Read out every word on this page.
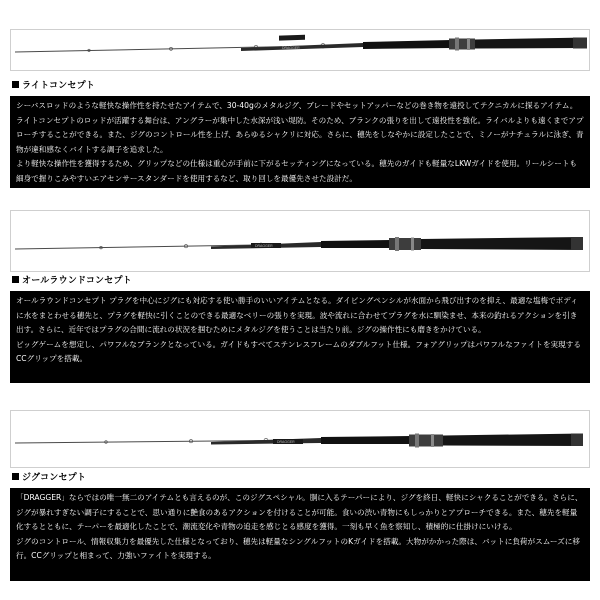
DRAGGER
ライトコンセプト

シーバスロッドのような軽快な操作性を持たせたアイテムで、30-40gのメタルジグ、ブレードやセットアッパーなどの巻き物を遠投してテクニカルに探るアイテム。ライトコンセプトのロッドが活躍する舞台は、アングラーが集中した水深が浅い堤防。そのため、ブランクの張りを出して遠投性を強化。ライバルよりも遠くまでアプローチすることができる。また、ジグのコントロール性を上げ、あらゆるシャクリに対応。さらに、穂先をしなやかに設定したことで、ミノーがナチュラルに泳ぎ、青物が違和感なくバイトする調子を追求した。

より軽快な操作性を獲得するため、グリップなどの仕様は重心が手前に下がるセッティングになっている。穂先のガイドも軽量なLKWガイドを使用。リールシートも細身で握りこみやすいエアセンサースタンダードを使用するなど、取り回しを最優先させた設計だ。

DRAGGER
オールラウンドコンセプト

オールラウンドコンセプト プラグを中心にジグにも対応する使い勝手のいいアイテムとなる。ダイビングペンシルが水面から飛び出すのを抑え、最適な塩梅でボディに水をまとわせる穂先と、プラグを軽快に引くことのできる最適なベリーの張りを実現。波や流れに合わせてプラグを水に馴染ませ、本来の釣れるアクションを引き出す。さらに、近年ではプラグの合間に流れの状況を掴むためにメタルジグを使うことは当たり前。ジグの操作性にも磨きをかけている。

ビッグゲームを想定し、パワフルなブランクとなっている。ガイドもすべてステンレスフレームのダブルフット仕様。フォアグリップはパワフルなファイトを実現するCCグリップを搭載。

DRAGGER
ジグコンセプト

「DRAGGER」ならではの唯一無二のアイテムとも言えるのが、このジグスペシャル。胴に入るテーパーにより、ジグを終日、軽快にシャクることができる。さらに、ジグが暴れすぎない調子にすることで、思い通りに艶食のあるアクションを付けることが可能。食いの渋い青物にもしっかりとアプローチできる。また、穂先を軽量化するとともに、テーパーを最適化したことで、潮流変化や青物の追走を感じとる感度を獲得。一刻も早く魚を察知し、積極的に仕掛けにいける。

ジグのコントロール、情報収集力を最優先した仕様となっており、穂先は軽量なシングルフットのKガイドを搭載。大物がかかった際は、バットに負荷がスムーズに移行。CCグリップと相まって、力強いファイトを実現する。
